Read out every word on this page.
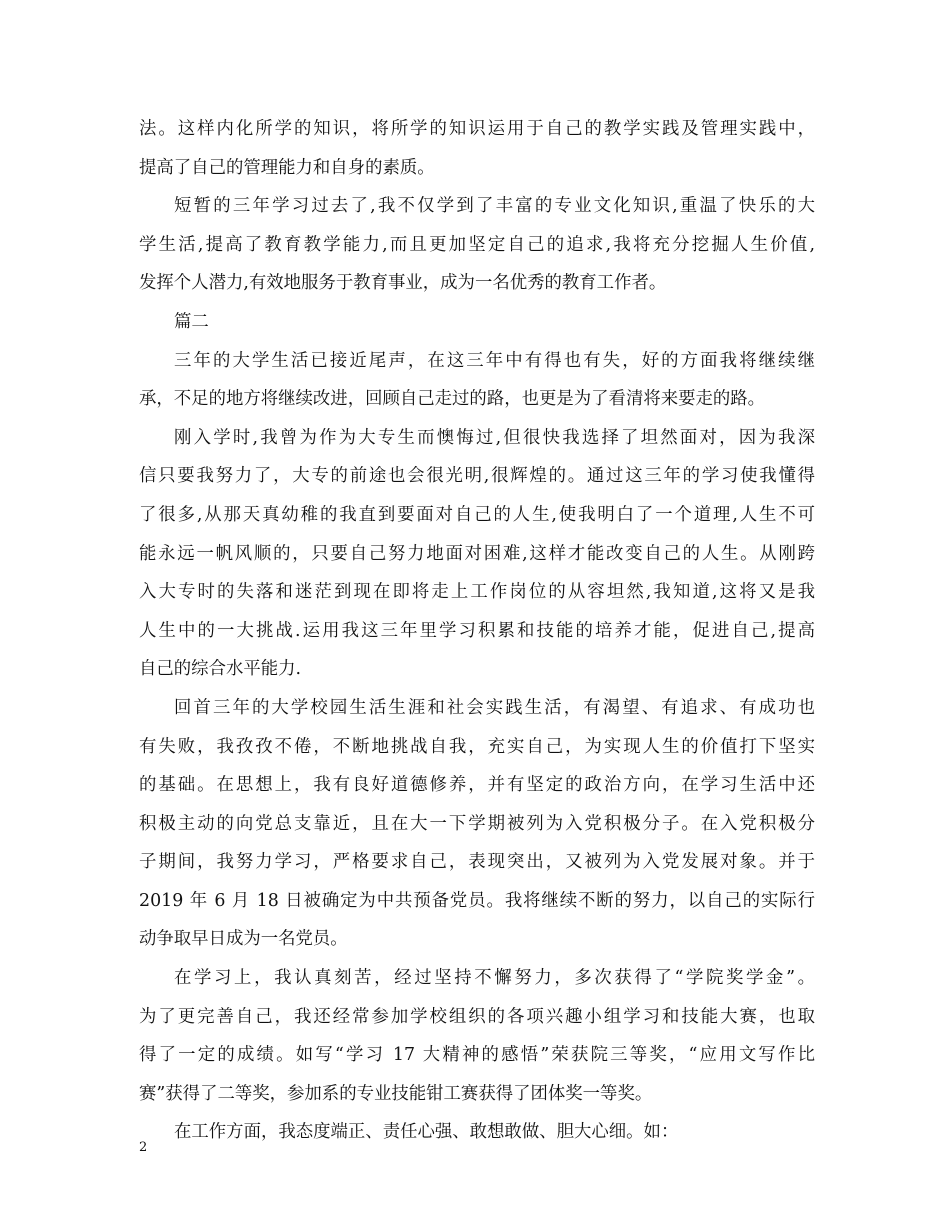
法。这样内化所学的知识，将所学的知识运用于自己的教学实践及管理实践中，
提高了自己的管理能力和自身的素质。
短暂的三年学习过去了,我不仅学到了丰富的专业文化知识,重温了快乐的大
学生活,提高了教育教学能力,而且更加坚定自己的追求,我将充分挖掘人生价值,
发挥个人潜力,有效地服务于教育事业，成为一名优秀的教育工作者。
篇二
三年的大学生活已接近尾声，在这三年中有得也有失，好的方面我将继续继
承，不足的地方将继续改进，回顾自己走过的路，也更是为了看清将来要走的路。
刚入学时,我曾为作为大专生而懊悔过,但很快我选择了坦然面对，因为我深
信只要我努力了，大专的前途也会很光明,很辉煌的。通过这三年的学习使我懂得
了很多,从那天真幼稚的我直到要面对自己的人生,使我明白了一个道理,人生不可
能永远一帆风顺的，只要自己努力地面对困难,这样才能改变自己的人生。从刚跨
入大专时的失落和迷茫到现在即将走上工作岗位的从容坦然,我知道,这将又是我
人生中的一大挑战.运用我这三年里学习积累和技能的培养才能，促进自己,提高
自己的综合水平能力.
回首三年的大学校园生活生涯和社会实践生活，有渴望、有追求、有成功也
有失败，我孜孜不倦，不断地挑战自我，充实自己，为实现人生的价值打下坚实
的基础。在思想上，我有良好道德修养，并有坚定的政治方向，在学习生活中还
积极主动的向党总支靠近，且在大一下学期被列为入党积极分子。在入党积极分
子期间，我努力学习，严格要求自己，表现突出，又被列为入党发展对象。并于
2019 年 6 月 18 日被确定为中共预备党员。我将继续不断的努力，以自己的实际行
动争取早日成为一名党员。
在学习上，我认真刻苦，经过坚持不懈努力，多次获得了“学院奖学金”。
为了更完善自己，我还经常参加学校组织的各项兴趣小组学习和技能大赛，也取
得了一定的成绩。如写“学习 17 大精神的感悟”荣获院三等奖，“应用文写作比
赛”获得了二等奖，参加系的专业技能钳工赛获得了团体奖一等奖。
在工作方面，我态度端正、责任心强、敢想敢做、胆大心细。如：
2
